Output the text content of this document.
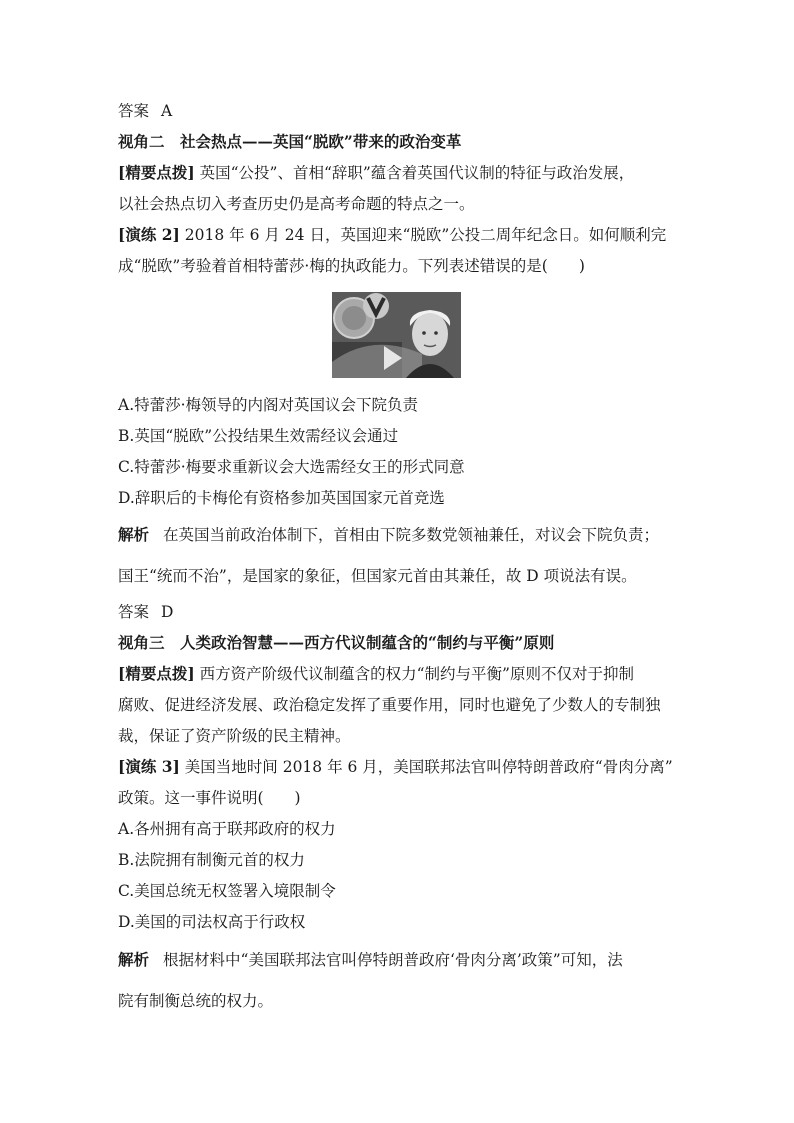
答案 A
视角二　社会热点——英国“脱欧”带来的政治变革
[精要点拨] 英国“公投”、首相“辞职”蕴含着英国代议制的特征与政治发展，
以社会热点切入考查历史仍是高考命题的特点之一。
[演练 2] 2018 年 6 月 24 日，英国迎来“脱欧”公投二周年纪念日。如何顺利完
成“脱欧”考验着首相特蕾莎·梅的执政能力。下列表述错误的是(　　)
A.特蕾莎·梅领导的内阁对英国议会下院负责
B.英国“脱欧”公投结果生效需经议会通过
C.特蕾莎·梅要求重新议会大选需经女王的形式同意
D.辞职后的卡梅伦有资格参加英国国家元首竞选
解析 在英国当前政治体制下，首相由下院多数党领袖兼任，对议会下院负责；
国王“统而不治”，是国家的象征，但国家元首由其兼任，故 D 项说法有误。
答案 D
视角三　人类政治智慧——西方代议制蕴含的“制约与平衡”原则
[精要点拨] 西方资产阶级代议制蕴含的权力“制约与平衡”原则不仅对于抑制
腐败、促进经济发展、政治稳定发挥了重要作用，同时也避免了少数人的专制独
裁，保证了资产阶级的民主精神。
[演练 3] 美国当地时间 2018 年 6 月，美国联邦法官叫停特朗普政府“骨肉分离”
政策。这一事件说明(　　)
A.各州拥有高于联邦政府的权力
B.法院拥有制衡元首的权力
C.美国总统无权签署入境限制令
D.美国的司法权高于行政权
解析 根据材料中“美国联邦法官叫停特朗普政府‘骨肉分离’政策”可知，法
院有制衡总统的权力。
